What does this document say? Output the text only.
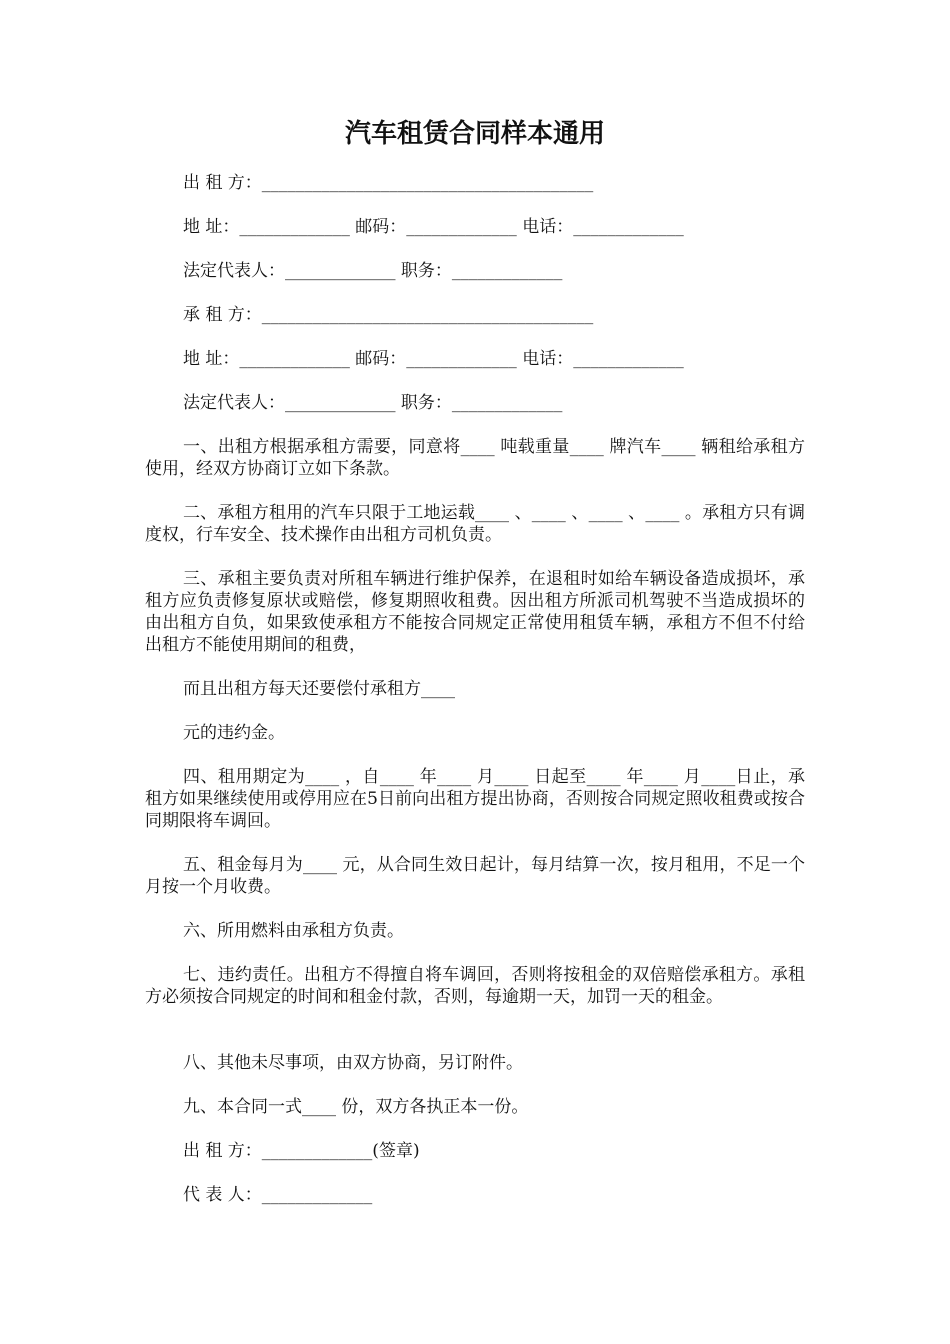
汽车租赁合同样本通用
出 租 方：_______________________________________
地 址：_____________ 邮码：_____________ 电话：_____________
法定代表人：_____________ 职务：_____________
承 租 方：_______________________________________
地 址：_____________ 邮码：_____________ 电话：_____________
法定代表人：_____________ 职务：_____________
一、出租方根据承租方需要，同意将____ 吨载重量____ 牌汽车____ 辆租给承租方使用，经双方协商订立如下条款。
二、承租方租用的汽车只限于工地运载____ 、____ 、____ 、____ 。承租方只有调度权，行车安全、技术操作由出租方司机负责。
三、承租主要负责对所租车辆进行维护保养，在退租时如给车辆设备造成损坏，承租方应负责修复原状或赔偿，修复期照收租费。因出租方所派司机驾驶不当造成损坏的由出租方自负，如果致使承租方不能按合同规定正常使用租赁车辆，承租方不但不付给出租方不能使用期间的租费，
而且出租方每天还要偿付承租方____
元的违约金。
四、租用期定为____ ，自____ 年____ 月____ 日起至____ 年____ 月____日止，承租方如果继续使用或停用应在5日前向出租方提出协商，否则按合同规定照收租费或按合同期限将车调回。
五、租金每月为____ 元，从合同生效日起计，每月结算一次，按月租用，不足一个月按一个月收费。
六、所用燃料由承租方负责。
七、违约责任。出租方不得擅自将车调回，否则将按租金的双倍赔偿承租方。承租方必须按合同规定的时间和租金付款，否则，每逾期一天，加罚一天的租金。
八、其他未尽事项，由双方协商，另订附件。
九、本合同一式____ 份，双方各执正本一份。
出 租 方：_____________(签章)
代 表 人：_____________
